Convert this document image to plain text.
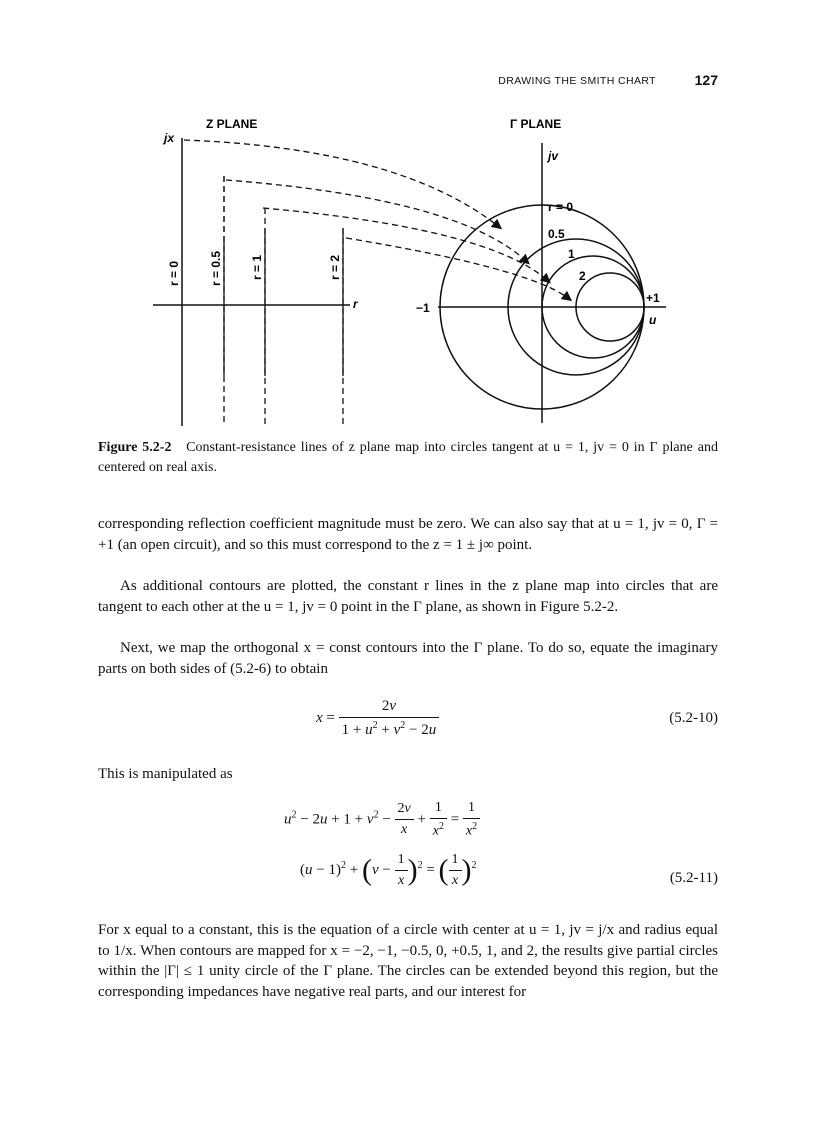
DRAWING THE SMITH CHART	127
Z PLANE	Γ PLANE
jx
jv
r
u
−1
+1
r = 0 r = 0.5 r = 1	r = 2
r = 0
0.5
1
2
Figure 5.2-2 Constant-resistance lines of z plane map into circles tangent at u = 1, jv = 0 in Γ plane and centered on real axis.

corresponding reflection coefficient magnitude must be zero. We can also say that at u = 1, jv = 0, Γ = +1 (an open circuit), and so this must correspond to the z = 1 ± j∞ point.

As additional contours are plotted, the constant r lines in the z plane map into circles that are tangent to each other at the u = 1, jv = 0 point in the Γ plane, as shown in Figure 5.2-2.

Next, we map the orthogonal x = const contours into the Γ plane. To do so, equate the imaginary parts on both sides of (5.2-6) to obtain

$x = \frac{2v}{1 + u^2 + v^2 - 2u}$	(5.2-10)

This is manipulated as

$u^2 - 2u + 1 + v^2 - \frac{2v}{x} + \frac{1}{x^2} = \frac{1}{x^2}$
$(u - 1)^2 + (v - \frac{1}{x} )^2$ = ( $\frac{1}{x} )^2$
(5.2-11)

For x equal to a constant, this is the equation of a circle with center at u = 1, jv = j/x and radius equal to 1/x. When contours are mapped for x = −2, −1, −0.5, 0, +0.5, 1, and 2, the results give partial circles within the |Γ| ≤ 1 unity circle of the Γ plane. The circles can be extended beyond this region, but the corresponding impedances have negative real parts, and our interest for
